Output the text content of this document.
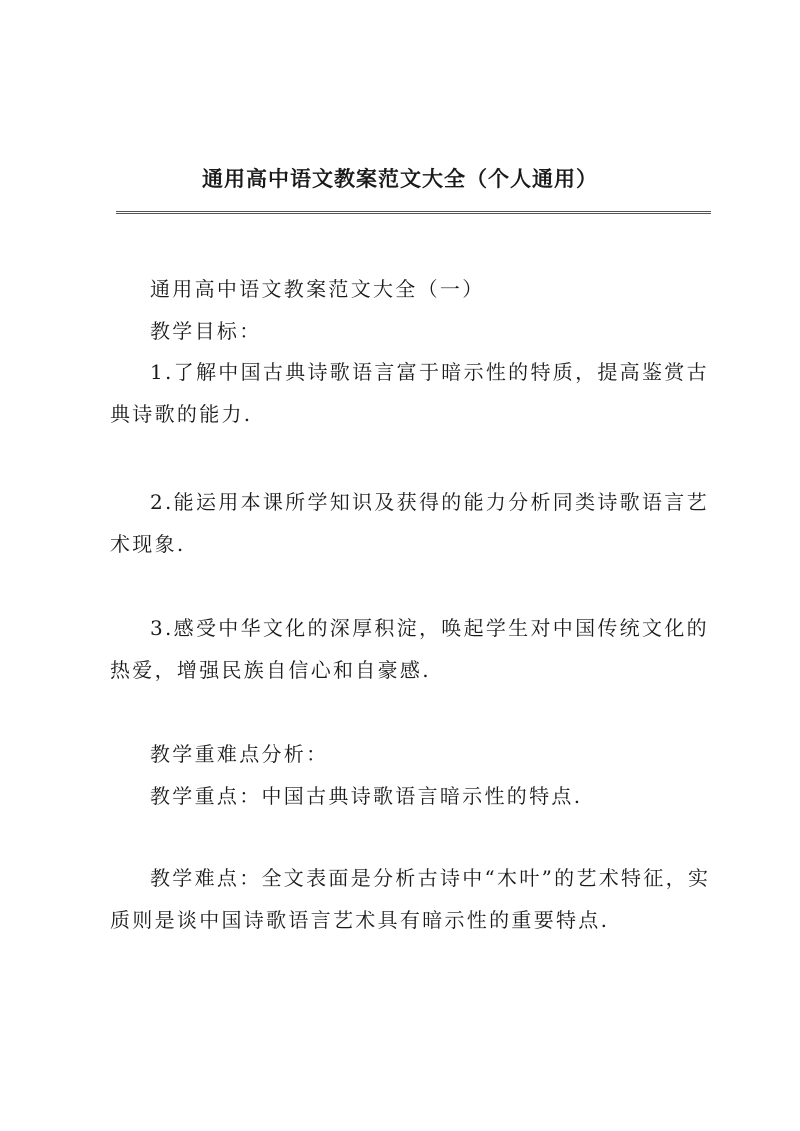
通用高中语文教案范文大全（个人通用）
通用高中语文教案范文大全（一）
教学目标：
1.了解中国古典诗歌语言富于暗示性的特质，提高鉴赏古典诗歌的能力.
2.能运用本课所学知识及获得的能力分析同类诗歌语言艺术现象.
3.感受中华文化的深厚积淀，唤起学生对中国传统文化的热爱，增强民族自信心和自豪感.
教学重难点分析：
教学重点：中国古典诗歌语言暗示性的特点.
教学难点：全文表面是分析古诗中“木叶”的艺术特征，实质则是谈中国诗歌语言艺术具有暗示性的重要特点.
